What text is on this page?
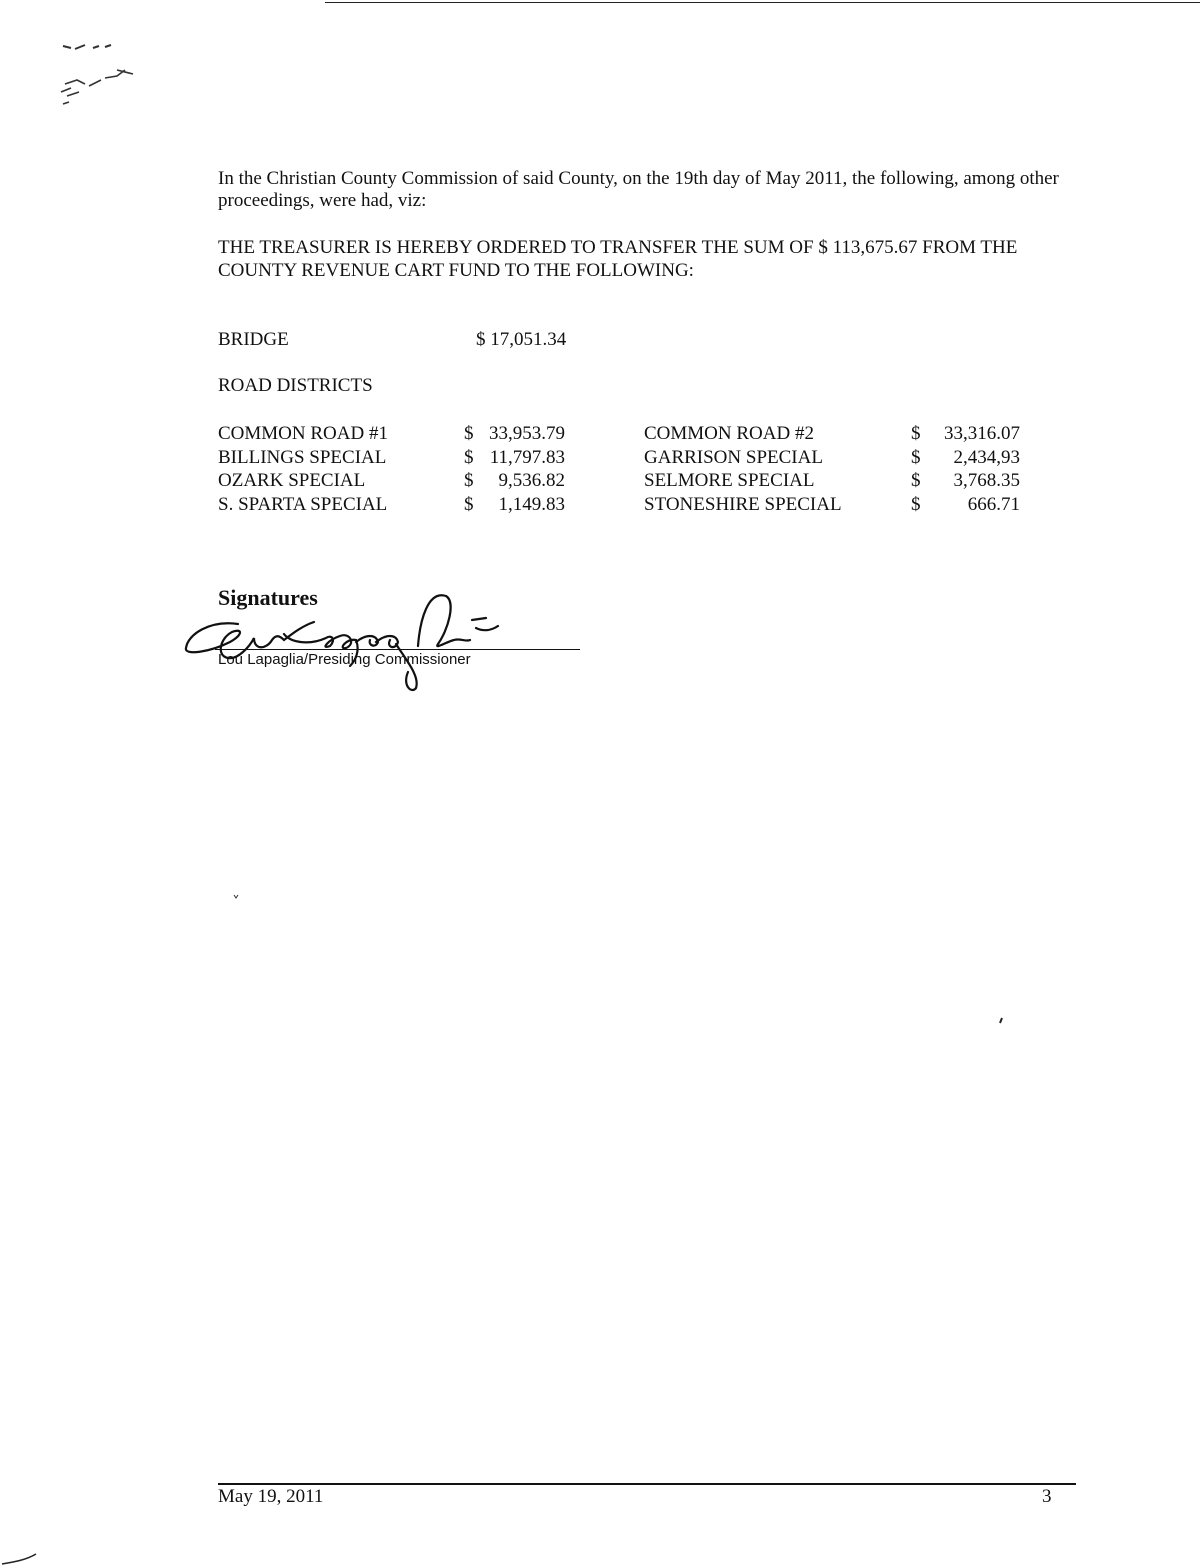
In the Christian County Commission of said County, on the 19th day of May 2011, the following, among other proceedings, were had, viz:

THE TREASURER IS HEREBY ORDERED TO TRANSFER THE SUM OF $ 113,675.67 FROM THE COUNTY REVENUE CART FUND TO THE FOLLOWING:

BRIDGE	$ 17,051.34
ROAD DISTRICTS
COMMON ROAD #1
BILLINGS SPECIAL
OZARK SPECIAL
S. SPARTA SPECIAL
$
$
$
$
33,953.79
11,797.83
9,536.82
1,149.83
COMMON ROAD #2
GARRISON SPECIAL
SELMORE SPECIAL
STONESHIRE SPECIAL
$
$
$
$
33,316.07
2,434,93
3,768.35
666.71
Signatures
Lou Lapaglia/Presiding Commissioner
May 19, 2011	3
